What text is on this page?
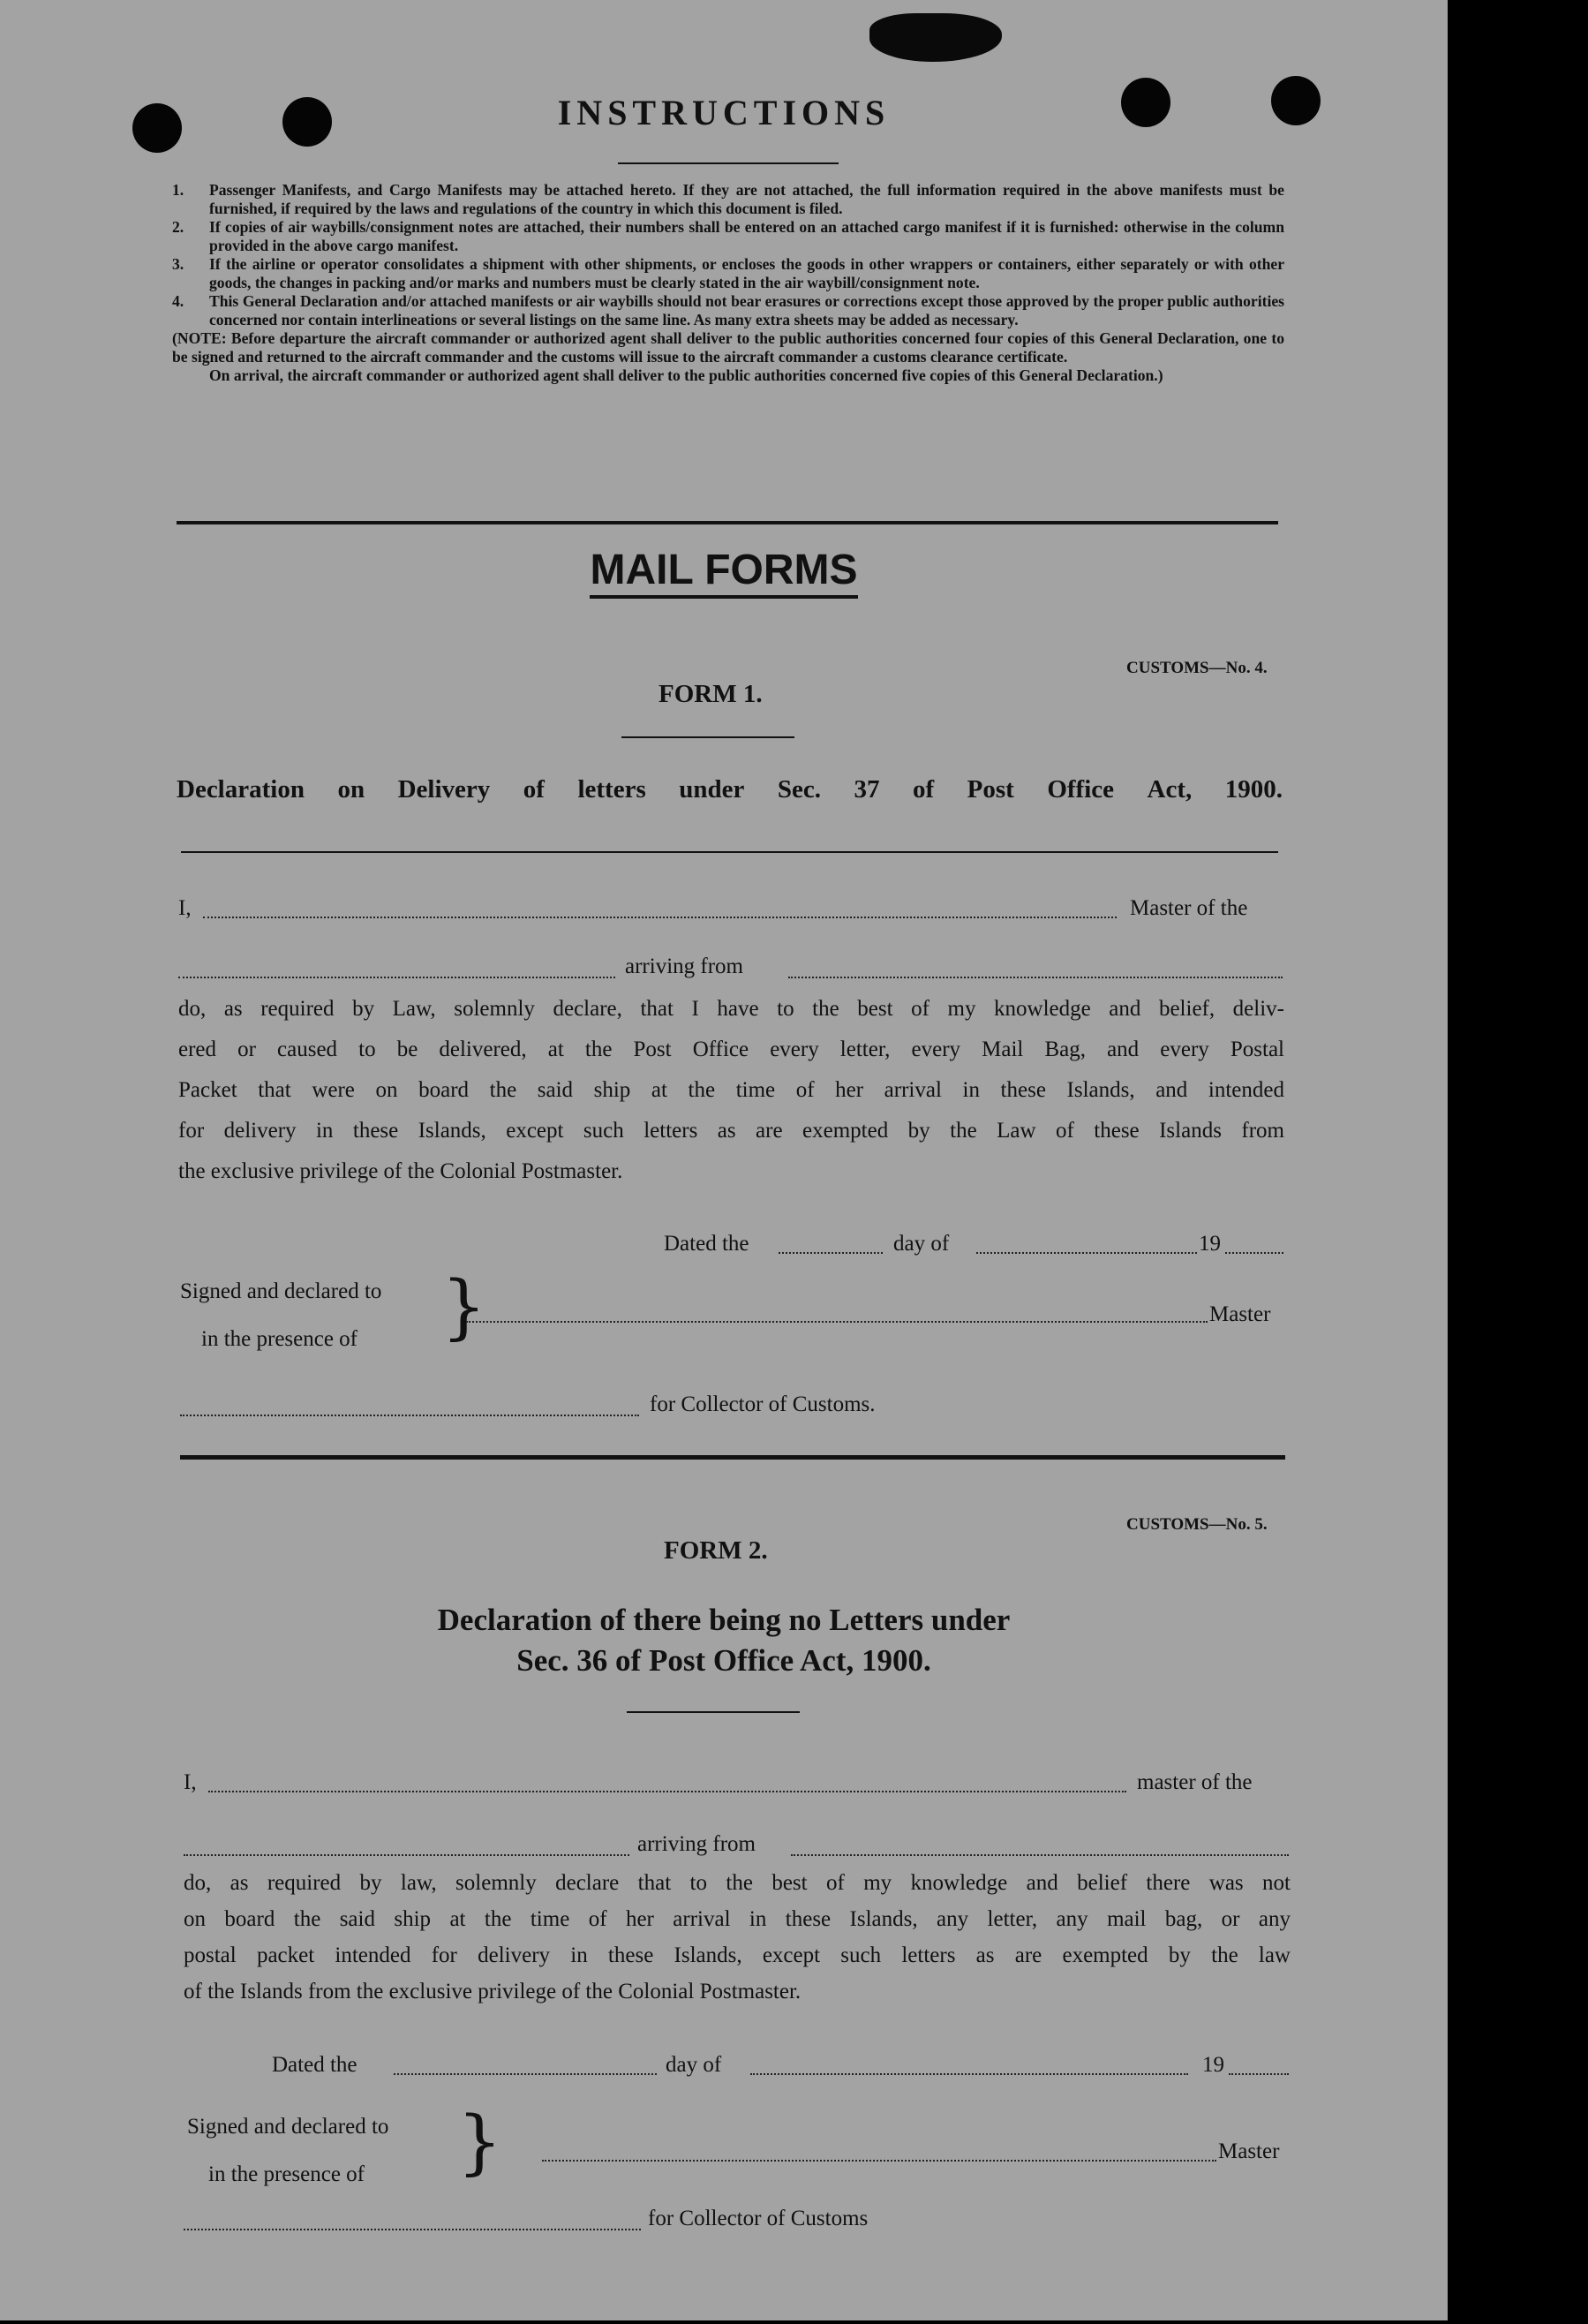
INSTRUCTIONS
1.	Passenger Manifests, and Cargo Manifests may be attached hereto. If they are not attached, the full information required in the above manifests must be furnished, if required by the laws and regulations of the country in which this document is filed.
2.	If copies of air waybills/consignment notes are attached, their numbers shall be entered on an attached cargo manifest if it is furnished: otherwise in the column provided in the above cargo manifest.
3.	If the airline or operator consolidates a shipment with other shipments, or encloses the goods in other wrappers or containers, either separately or with other goods, the changes in packing and/or marks and numbers must be clearly stated in the air waybill/consignment note.
4.	This General Declaration and/or attached manifests or air waybills should not bear erasures or corrections except those approved by the proper public authorities concerned nor contain interlineations or several listings on the same line. As many extra sheets may be added as necessary.
(NOTE: Before departure the aircraft commander or authorized agent shall deliver to the public authorities concerned four copies of this General Declaration, one to be signed and returned to the aircraft commander and the customs will issue to the aircraft commander a customs clearance certificate.
On arrival, the aircraft commander or authorized agent shall deliver to the public authorities concerned five copies of this General Declaration.)
MAIL FORMS
CUSTOMS—No. 4.
FORM 1.
Declaration on Delivery of letters under Sec. 37 of Post Office Act, 1900.
I,	Master of the
arriving from

do, as required by Law, solemnly declare, that I have to the best of my knowledge and belief, deliv-

ered or caused to be delivered, at the Post Office every letter, every Mail Bag, and every Postal

Packet that were on board the said ship at the time of her arrival in these Islands, and intended

for delivery in these Islands, except such letters as are exempted by the Law of these Islands from

the exclusive privilege of the Colonial Postmaster.

Dated the	day of	19
Signed and declared to
in the presence of }	Master
for Collector of Customs.
CUSTOMS—No. 5.
FORM 2.
Declaration of there being no Letters under
Sec. 36 of Post Office Act, 1900.
I,	master of the
arriving from

do, as required by law, solemnly declare that to the best of my knowledge and belief there was not

on board the said ship at the time of her arrival in these Islands, any letter, any mail bag, or any

postal packet intended for delivery in these Islands, except such letters as are exempted by the law

of the Islands from the exclusive privilege of the Colonial Postmaster.

Dated the	day of	19
Signed and declared to
in the presence of }	Master
for Collector of Customs
